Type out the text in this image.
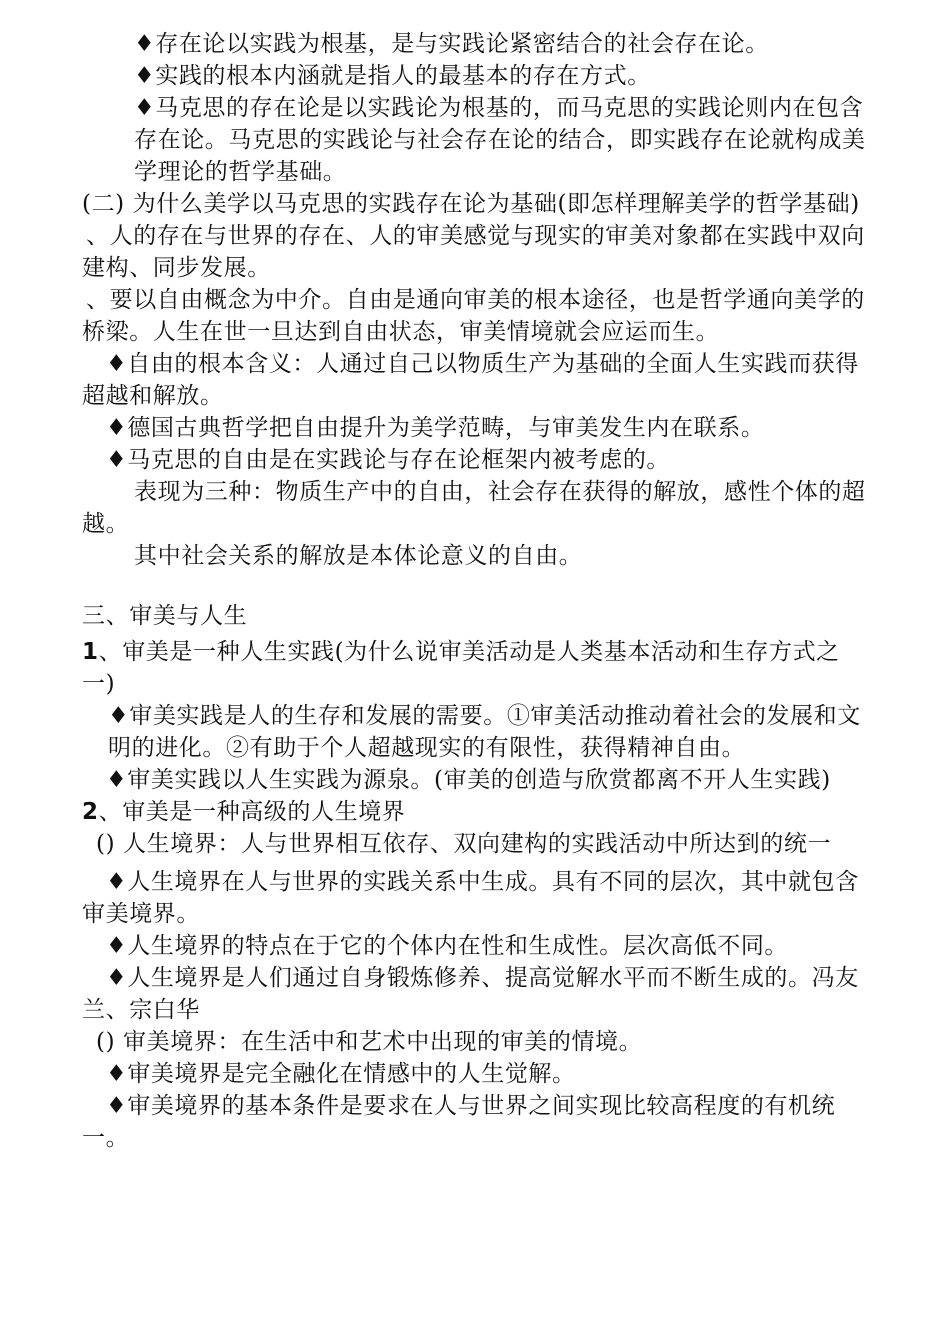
♦存在论以实践为根基，是与实践论紧密结合的社会存在论。

♦实践的根本内涵就是指人的最基本的存在方式。

♦马克思的存在论是以实践论为根基的，而马克思的实践论则内在包含存在论。马克思的实践论与社会存在论的结合，即实践存在论就构成美学理论的哲学基础。

(二) 为什么美学以马克思的实践存在论为基础(即怎样理解美学的哲学基础)

、人的存在与世界的存在、人的审美感觉与现实的审美对象都在实践中双向建构、同步发展。

、要以自由概念为中介。自由是通向审美的根本途径，也是哲学通向美学的桥梁。人生在世一旦达到自由状态，审美情境就会应运而生。

♦自由的根本含义：人通过自己以物质生产为基础的全面人生实践而获得超越和解放。

♦德国古典哲学把自由提升为美学范畴，与审美发生内在联系。

♦马克思的自由是在实践论与存在论框架内被考虑的。

表现为三种：物质生产中的自由，社会存在获得的解放，感性个体的超越。

其中社会关系的解放是本体论意义的自由。

三、审美与人生

1、审美是一种人生实践(为什么说审美活动是人类基本活动和生存方式之一)

♦审美实践是人的生存和发展的需要。①审美活动推动着社会的发展和文明的进化。②有助于个人超越现实的有限性，获得精神自由。

♦审美实践以人生实践为源泉。(审美的创造与欣赏都离不开人生实践)

2、审美是一种高级的人生境界

() 人生境界：人与世界相互依存、双向建构的实践活动中所达到的统一

♦人生境界在人与世界的实践关系中生成。具有不同的层次，其中就包含审美境界。

♦人生境界的特点在于它的个体内在性和生成性。层次高低不同。

♦人生境界是人们通过自身锻炼修养、提高觉解水平而不断生成的。冯友兰、宗白华

() 审美境界：在生活中和艺术中出现的审美的情境。

♦审美境界是完全融化在情感中的人生觉解。

♦审美境界的基本条件是要求在人与世界之间实现比较高程度的有机统一。
